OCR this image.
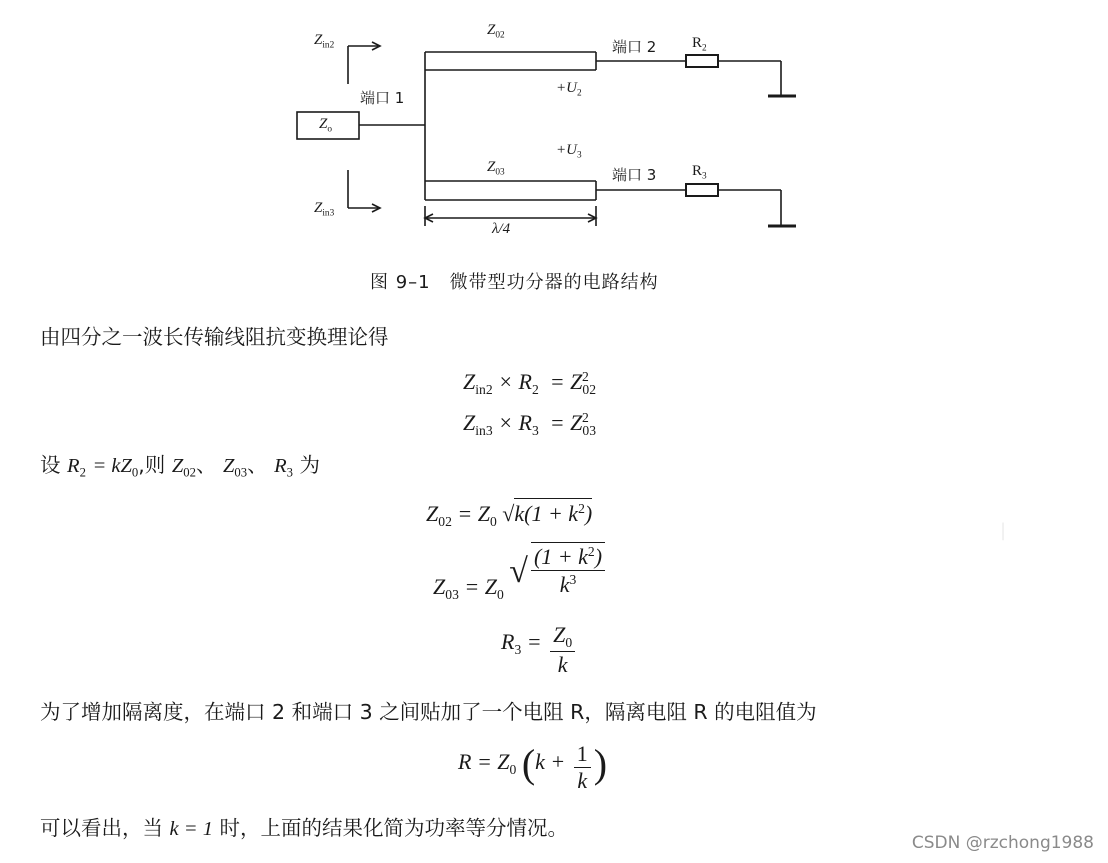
$Z_{in2}$
$Z_{in3}$
$Z_{02}$
$Z_{03}$
$Z_o$
端口 1
端口 2
端口 3
$R_2$
$R_3$
$+U_2$
$+U_3$
λ/4
图 9–1　微带型功分器的电路结构
|
由四分之一波长传输线阻抗变换理论得
$Z_{in2} \times R_2 = Z_{02}^2$
$Z_{in3} \times R_3 = Z_{03}^2$
设 $R_2 = kZ_0$,则 $Z_{02}$、 $Z_{03}$、 $R_3$ 为
$Z_{02} = Z_0$ $√k(1 + k^2)$
$Z_{03} = Z_0$ √ $\frac{(1 + k^2)}{k^3}$
$R_3 = \frac{Z_0}{k}$
为了增加隔离度，在端口 2 和端口 3 之间贴加了一个电阻 R，隔离电阻 R 的电阻值为
$R = Z_0$ ($k + \frac{1}{k}$ )
可以看出，当 k = 1 时，上面的结果化简为功率等分情况。
CSDN @rzchong1988
